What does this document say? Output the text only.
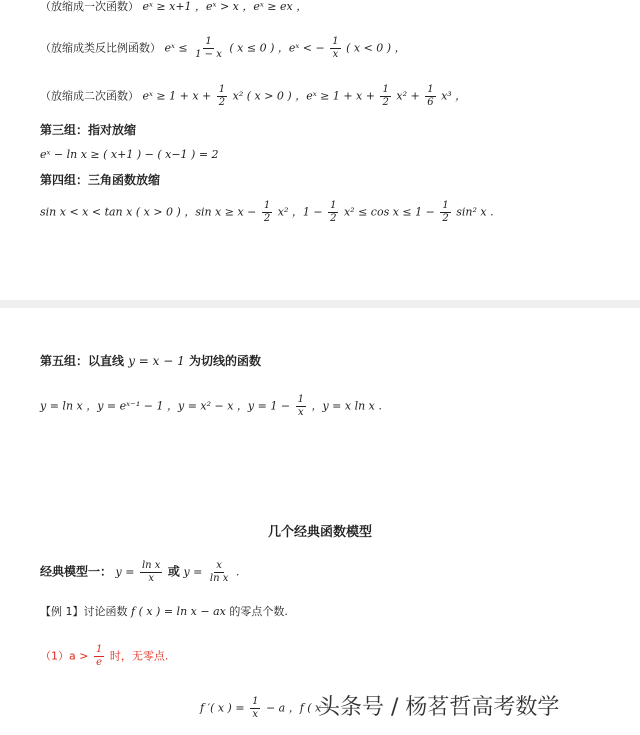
（放缩成一次函数） eˣ ≥ x+1 ，eˣ > x ，eˣ ≥ ex ，
（放缩成类反比例函数） eˣ ≤ $\frac{1}{1 - x}$ ( x ≤ 0 ) ，eˣ < − $\frac{1}{x}$ ( x < 0 ) ，
（放缩成二次函数） eˣ ≥ $1 + x + \frac{1}{2} x^2$ ( x > 0 ) ，eˣ ≥ $1 + x + \frac{1}{2} x^2 + \frac{1}{6} x^3$ ，
第三组：指对放缩
eˣ − ln x ≥ ( x+1 ) − ( x−1 ) = 2
第四组：三角函数放缩
sin x < x < tan x ( x > 0 ) ，$\sin x \ge x - \frac{1}{2} x^2$ ，$1 - \frac{1}{2} x^2 \le \cos x \le 1 - \frac{1}{2} \sin^2$ x .
第五组：以直线 y = x − 1 为切线的函数
y = ln x ，y = eˣ⁻¹ − 1 ，y = x² − x ，$y = 1 - \frac{1}{x}$ ，y = x ln x .
几个经典函数模型
经典模型一： $y = \frac{\text{ln x}}{x}$ 或 $y = \frac{x}{\text{ln x}}$ .
【例 1】讨论函数 f ( x ) = ln x − ax 的零点个数.
$(1)a > \frac{1}{e}$ 时，无零点.
f ′( x ) = $\frac{1}{x} - a$ ，f ( x )
头条号 / 杨茗哲高考数学
